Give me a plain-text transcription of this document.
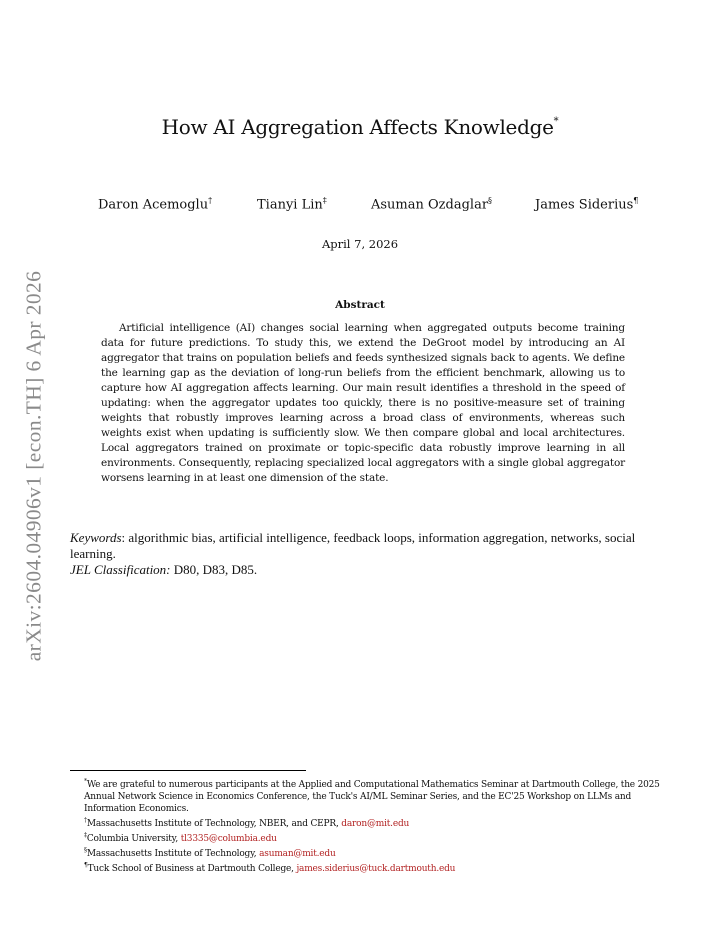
arXiv:2604.04906v1 [econ.TH] 6 Apr 2026
How AI Aggregation Affects Knowledge*
Daron Acemoglu†	Tianyi Lin‡	Asuman Ozdaglar§	James Siderius¶
April 7, 2026
Abstract

Artificial intelligence (AI) changes social learning when aggregated outputs become training data for future predictions. To study this, we extend the DeGroot model by introducing an AI aggregator that trains on population beliefs and feeds synthesized signals back to agents. We define the learning gap as the deviation of long-run beliefs from the efficient benchmark, allowing us to capture how AI aggregation affects learning. Our main result identifies a threshold in the speed of updating: when the aggregator updates too quickly, there is no positive-measure set of training weights that robustly improves learning across a broad class of environments, whereas such weights exist when updating is sufficiently slow. We then compare global and local architectures. Local aggregators trained on proximate or topic-specific data robustly improve learning in all environments. Consequently, replacing specialized local aggregators with a single global aggregator worsens learning in at least one dimension of the state.

Keywords: algorithmic bias, artificial intelligence, feedback loops, information aggregation, networks, social learning.

JEL Classification: D80, D83, D85.

*We are grateful to numerous participants at the Applied and Computational Mathematics Seminar at Dartmouth College, the 2025 Annual Network Science in Economics Conference, the Tuck's AI/ML Seminar Series, and the EC'25 Workshop on LLMs and Information Economics.

†Massachusetts Institute of Technology, NBER, and CEPR, daron@mit.edu

‡Columbia University, tl3335@columbia.edu

§Massachusetts Institute of Technology, asuman@mit.edu

¶Tuck School of Business at Dartmouth College, james.siderius@tuck.dartmouth.edu
